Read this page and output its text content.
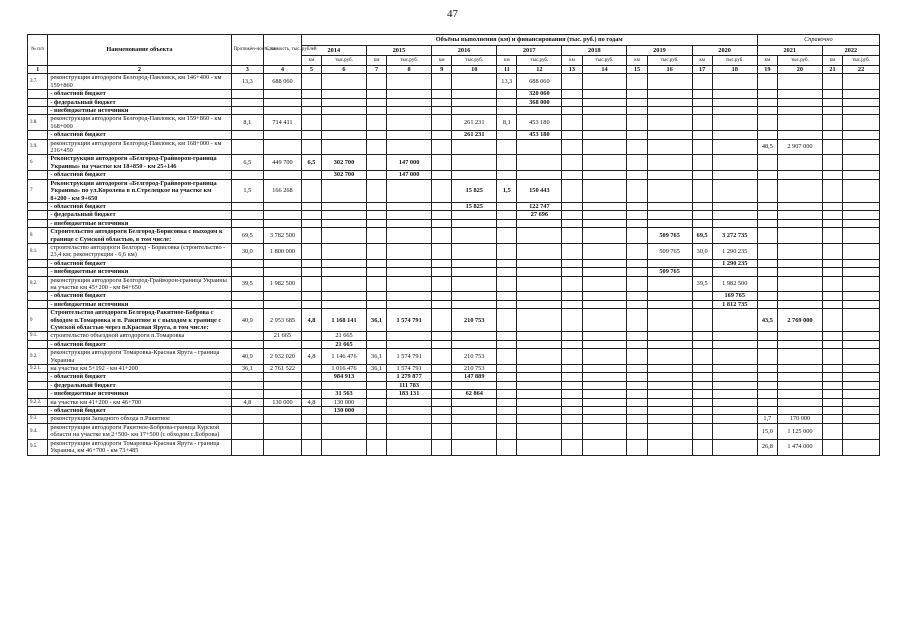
47
№ п/п	Наименование объекта	Протяжён-ность, км	Стоимость, тыс. рублей	Объёмы выполнения (км) и финансирования (тыс. руб.) по годам														Справочно			
				2014		2015		2016		2017		2018		2019		2020		2021		2022	
				км	тыс.руб.	км	тыс.руб.	км	тыс.руб.	км	тыс.руб.	км	тыс.руб.	км	тыс.руб.	км	тыс.руб.	км	тыс.руб.	км	тыс.руб.
1	2	3	4	5	6	7	8	9	10	11	12	13	14	15	16	17	18	19	20	21	22
3.7.	реконструкция автодороги Белгород-Павловск, км 146+400 - км 159+860	13,3	688 060							13,3	688 060										
	- областной бюджет										320 060										
	- федеральный бюджет										368 000										
	- внебюджетные источники																				
3.8.	реконструкция автодороги Белгород-Павловск, км 159+860 - км 168+000	8,1	714 411						261 231	8,1	453 180										
	- областной бюджет								261 231		453 180										
3.9.	реконструкция автодороги Белгород-Павловск, км 168+000 - км 216+450																	48,5	2 907 000		
6	Реконструкция автодороги «Белгород-Грайворон-граница Украины» на участке км 18+850 - км 25+146	6,5	449 700	6,5	302 700		147 000														
	- областной бюджет				302 700		147 000														
7	Реконструкция автодороги «Белгород-Грайворон-граница Украины» по ул.Королева в п.Стрелецкое на участке км 8+200 - км 9+650	1,5	166 268						15 825	1,5	150 443										
	- областной бюджет								15 825		122 747										
	- федеральный бюджет										27 696										
	- внебюджетные источники																				
8	Строительство автодороги Белгород-Борисовка с выходом к границе с Сумской областью, в том числе:	69,5	3 782 500												509 765	69,5	3 272 735				
8.1.	строительство автодороги Белгород - Борисовка (строительство - 23,4 км; реконструкция - 6,6 км)	30,0	1 800 000												509 765	30,0	1 290 235				
	- областной бюджет																1 290 235				
	- внебюджетные источники														509 765						
8.2.	реконструкция автодороги Белгород-Грайворон-граница Украины на участке км 45+200 - км 84+650	39,5	1 982 500													39,5	1 982 500				
	- областной бюджет																169 765				
	- внебюджетные источники																1 812 735				
9	Строительство автодороги Белгород-Ракитное-Боброва с обходом п.Томаровка и п. Ракитное и с выходом к границе с Сумской областью через п.Красная Яруга, в том числе:	40,9	2 953 685	4,8	1 168 141	36,1	1 574 791		210 753									43,5	2 769 000		
9.1.	строительство объездной автодороги п.Томаровка		21 665		21 665																
	- областной бюджет				21 665																
9.2.	реконструкция автодороги Томаровка-Красная Яруга - граница Украины	40,9	2 932 020	4,8	1 146 476	36,1	1 574 791		210 753												
9.2.1.	на участке км 5+192 - км 41+200	36,1	2 761 522		1 016 476	36,1	1 574 791		210 753												
	- областной бюджет				984 913		1 279 877		147 889												
	- федеральный бюджет						111 783														
	- внебюджетные источники				31 563		183 131		62 864												
9.2.2.	на участке км 41+200 - км 46+700	4,8	130 000	4,8	130 000																
	- областной бюджет				130 000																
9.3.	реконструкция Западного обхода п.Ракитное																	1,7	170 000		
9.4.	реконструкция автодороги Ракитное-Боброва-граница Курской области на участке км 2+500- км 17+500 (с обходом с.Боброва)																	15,0	1 125 000		
9.5.	реконструкция автодороги Томаровка-Красная Яруга - граница Украины, км 46+700 - км 73+485																	26,8	1 474 000		
